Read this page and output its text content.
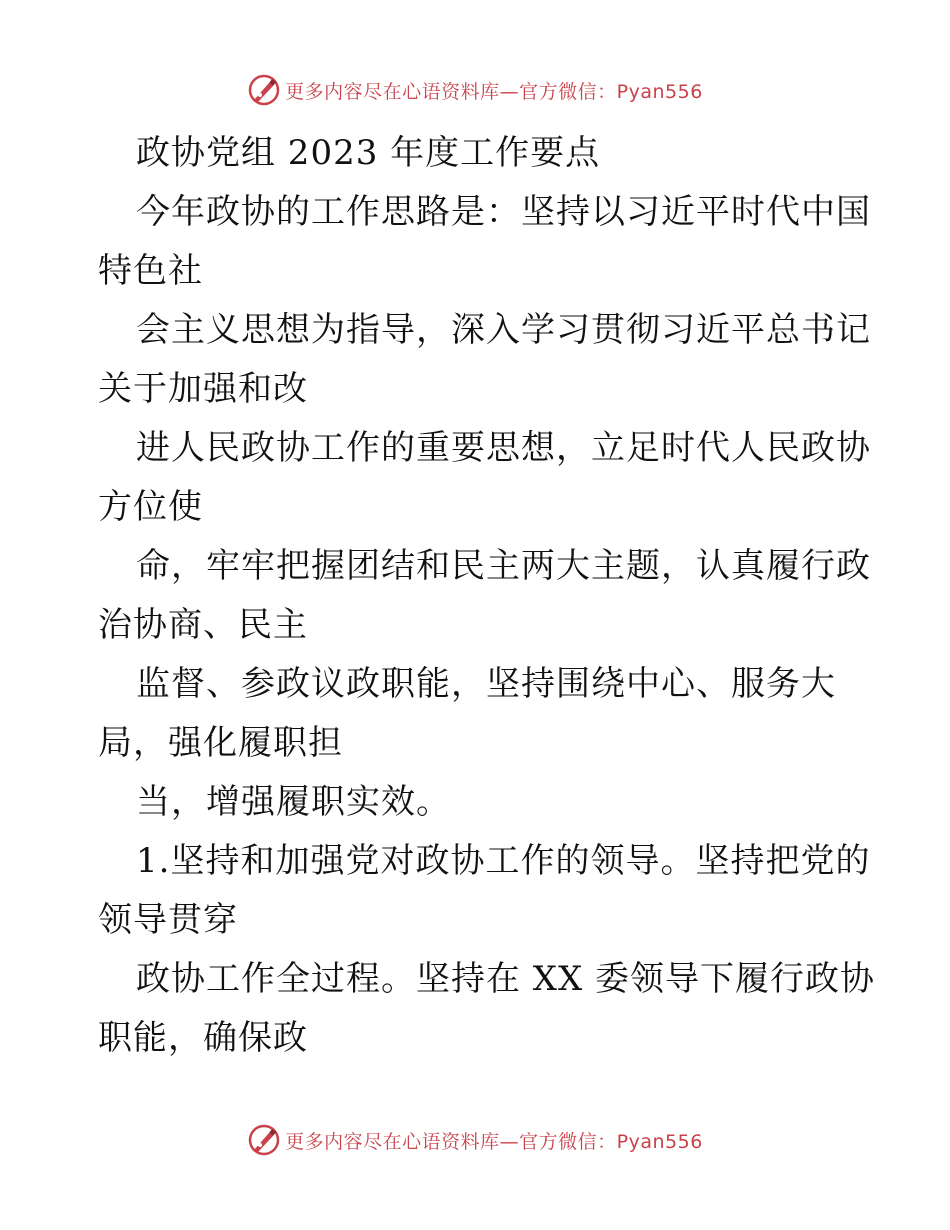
更多内容尽在心语资料库—官方微信：Pyan556

政协党组 2023 年度工作要点

今年政协的工作思路是：坚持以习近平时代中国

特色社

会主义思想为指导，深入学习贯彻习近平总书记

关于加强和改

进人民政协工作的重要思想，立足时代人民政协

方位使

命，牢牢把握团结和民主两大主题，认真履行政

治协商、民主

监督、参政议政职能，坚持围绕中心、服务大

局，强化履职担

当，增强履职实效。

1.坚持和加强党对政协工作的领导。坚持把党的

领导贯穿

政协工作全过程。坚持在 XX 委领导下履行政协

职能，确保政

更多内容尽在心语资料库—官方微信：Pyan556
